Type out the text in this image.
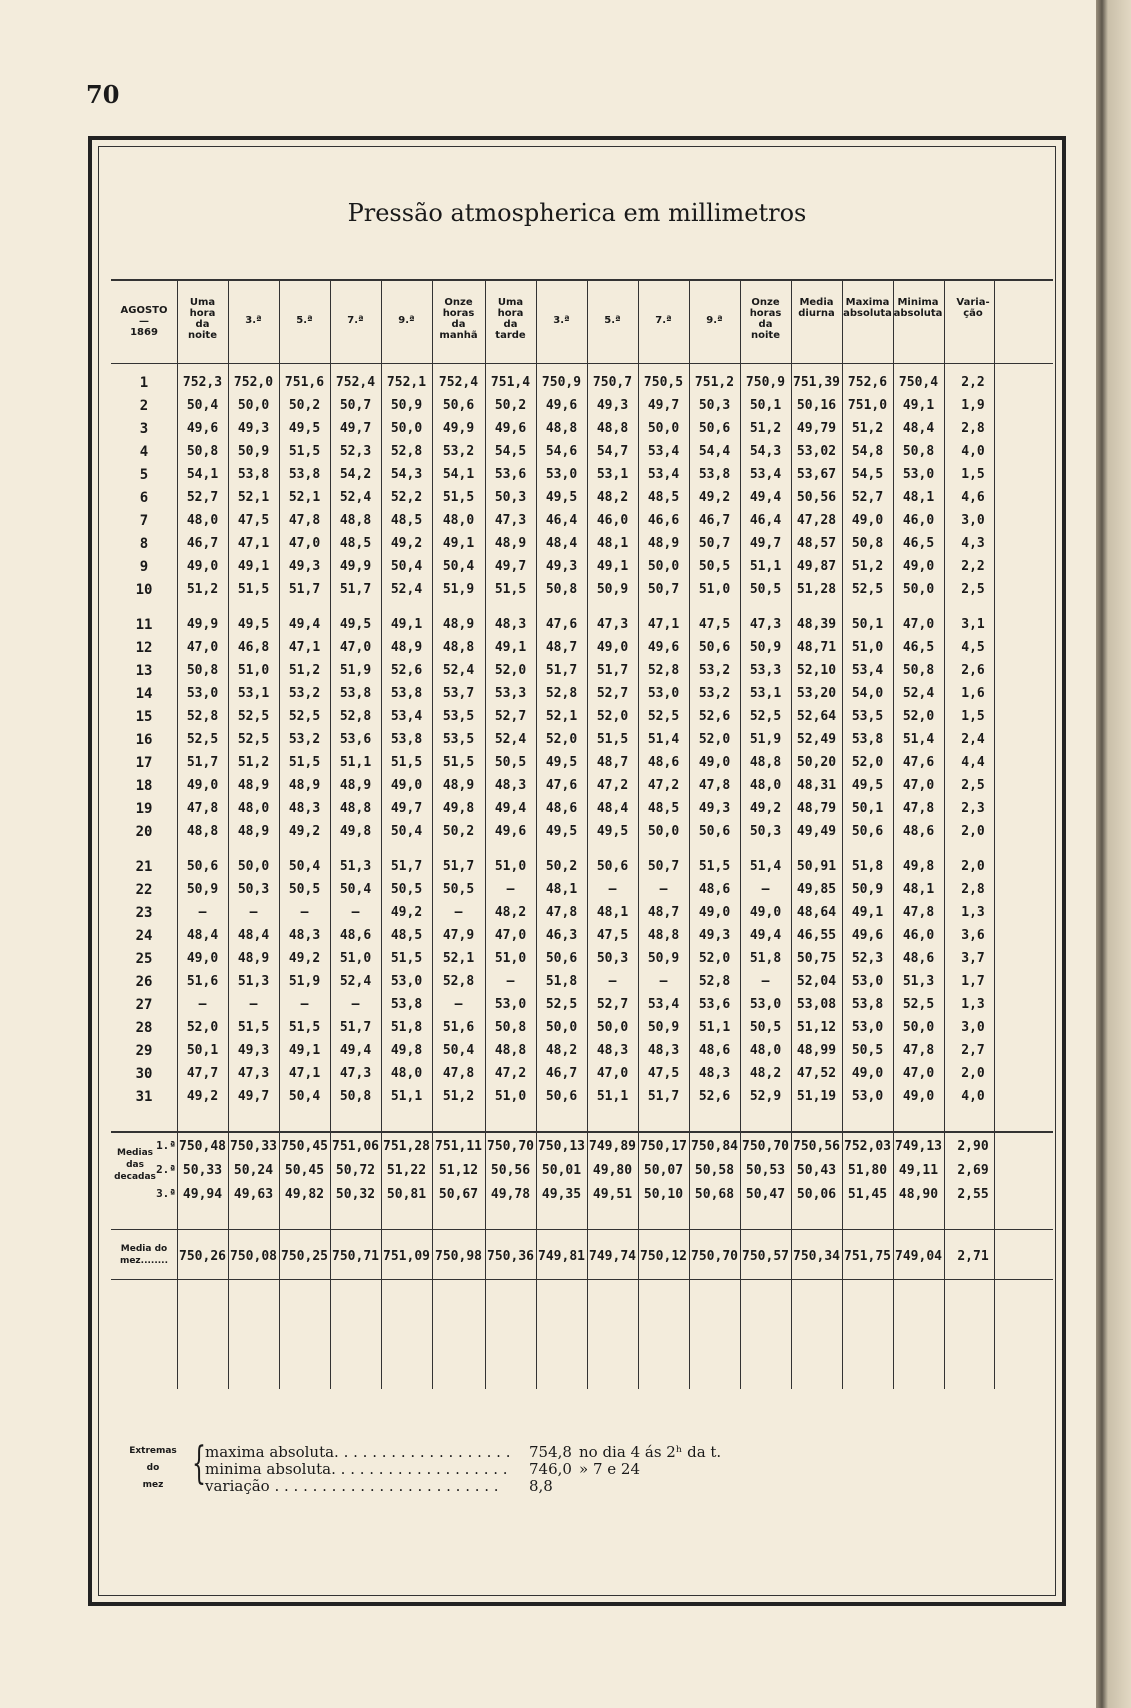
70
Pressão atmospherica em millimetros
AGOSTO
—
1869
Uma hora da noite
3.ª	5.ª	7.ª	9.ª
Onze horas da manhã
Uma hora da tarde
3.ª	5.ª	7.ª	9.ª
Onze horas da noite
Media diurna
Maxima absoluta
Minima absoluta
Varia- ção
1	752,3 752,0 751,6 752,4 752,1 752,4 751,4 750,9 750,7 750,5 751,2 750,9 751,39 752,6 750,4	2,2
2	50,4	50,0	50,2	50,7	50,9	50,6	50,2	49,6	49,3	49,7	50,3	50,1	50,16 751,0	49,1	1,9
3	49,6	49,3	49,5	49,7	50,0	49,9	49,6	48,8	48,8	50,0	50,6	51,2	49,79	51,2	48,4	2,8
4	50,8	50,9	51,5	52,3	52,8	53,2	54,5	54,6	54,7	53,4	54,4	54,3	53,02	54,8	50,8	4,0
5	54,1	53,8	53,8	54,2	54,3	54,1	53,6	53,0	53,1	53,4	53,8	53,4	53,67	54,5	53,0	1,5
6	52,7	52,1	52,1	52,4	52,2	51,5	50,3	49,5	48,2	48,5	49,2	49,4	50,56	52,7	48,1	4,6
7	48,0	47,5	47,8	48,8	48,5	48,0	47,3	46,4	46,0	46,6	46,7	46,4	47,28	49,0	46,0	3,0
8	46,7	47,1	47,0	48,5	49,2	49,1	48,9	48,4	48,1	48,9	50,7	49,7	48,57	50,8	46,5	4,3
9	49,0	49,1	49,3	49,9	50,4	50,4	49,7	49,3	49,1	50,0	50,5	51,1	49,87	51,2	49,0	2,2
10	51,2	51,5	51,7	51,7	52,4	51,9	51,5	50,8	50,9	50,7	51,0	50,5	51,28	52,5	50,0	2,5
11	49,9	49,5	49,4	49,5	49,1	48,9	48,3	47,6	47,3	47,1	47,5	47,3	48,39	50,1	47,0	3,1
12	47,0	46,8	47,1	47,0	48,9	48,8	49,1	48,7	49,0	49,6	50,6	50,9	48,71	51,0	46,5	4,5
13	50,8	51,0	51,2	51,9	52,6	52,4	52,0	51,7	51,7	52,8	53,2	53,3	52,10	53,4	50,8	2,6
14	53,0	53,1	53,2	53,8	53,8	53,7	53,3	52,8	52,7	53,0	53,2	53,1	53,20	54,0	52,4	1,6
15	52,8	52,5	52,5	52,8	53,4	53,5	52,7	52,1	52,0	52,5	52,6	52,5	52,64	53,5	52,0	1,5
16	52,5	52,5	53,2	53,6	53,8	53,5	52,4	52,0	51,5	51,4	52,0	51,9	52,49	53,8	51,4	2,4
17	51,7	51,2	51,5	51,1	51,5	51,5	50,5	49,5	48,7	48,6	49,0	48,8	50,20	52,0	47,6	4,4
18	49,0	48,9	48,9	48,9	49,0	48,9	48,3	47,6	47,2	47,2	47,8	48,0	48,31	49,5	47,0	2,5
19	47,8	48,0	48,3	48,8	49,7	49,8	49,4	48,6	48,4	48,5	49,3	49,2	48,79	50,1	47,8	2,3
20	48,8	48,9	49,2	49,8	50,4	50,2	49,6	49,5	49,5	50,0	50,6	50,3	49,49	50,6	48,6	2,0
21	50,6	50,0	50,4	51,3	51,7	51,7	51,0	50,2	50,6	50,7	51,5	51,4	50,91	51,8	49,8	2,0
22	50,9	50,3	50,5	50,4	50,5	50,5	—	48,1	—	—	48,6	—	49,85	50,9	48,1	2,8
23	—	—	—	—	49,2	—	48,2	47,8	48,1	48,7	49,0	49,0	48,64	49,1	47,8	1,3
24	48,4	48,4	48,3	48,6	48,5	47,9	47,0	46,3	47,5	48,8	49,3	49,4	46,55	49,6	46,0	3,6
25	49,0	48,9	49,2	51,0	51,5	52,1	51,0	50,6	50,3	50,9	52,0	51,8	50,75	52,3	48,6	3,7
26	51,6	51,3	51,9	52,4	53,0	52,8	—	51,8	—	—	52,8	—	52,04	53,0	51,3	1,7
27	—	—	—	—	53,8	—	53,0	52,5	52,7	53,4	53,6	53,0	53,08	53,8	52,5	1,3
28	52,0	51,5	51,5	51,7	51,8	51,6	50,8	50,0	50,0	50,9	51,1	50,5	51,12	53,0	50,0	3,0
29	50,1	49,3	49,1	49,4	49,8	50,4	48,8	48,2	48,3	48,3	48,6	48,0	48,99	50,5	47,8	2,7
30	47,7	47,3	47,1	47,3	48,0	47,8	47,2	46,7	47,0	47,5	48,3	48,2	47,52	49,0	47,0	2,0
31	49,2	49,7	50,4	50,8	51,1	51,2	51,0	50,6	51,1	51,7	52,6	52,9	51,19	53,0	49,0	4,0
Medias
das
decadas
1.ª 750,48 750,33 750,45 751,06 751,28 751,11 750,70 750,13 749,89 750,17 750,84 750,70 750,56 752,03 749,13	2,90
2.ª 50,33 50,24 50,45 50,72 51,22 51,12 50,56 50,01 49,80 50,07 50,58 50,53 50,43 51,80 49,11	2,69
3.ª 49,94 49,63 49,82 50,32 50,81 50,67 49,78 49,35 49,51 50,10 50,68 50,47 50,06 51,45 48,90	2,55
Media do
mez........ 750,26 750,08 750,25 750,71 751,09 750,98 750,36 749,81 749,74 750,12 750,70 750,57 750,34 751,75 749,04	2,71
Extremas
do
mez { maxima absoluta. . . . . . . . . . . . . . . . . . . 754,8 no dia 4 ás 2ʰ da t.
minima absoluta. . . . . . . . . . . . . . . . . . . 746,0 » 7 e 24
variação . . . . . . . . . . . . . . . . . . . . . . . . 8,8
